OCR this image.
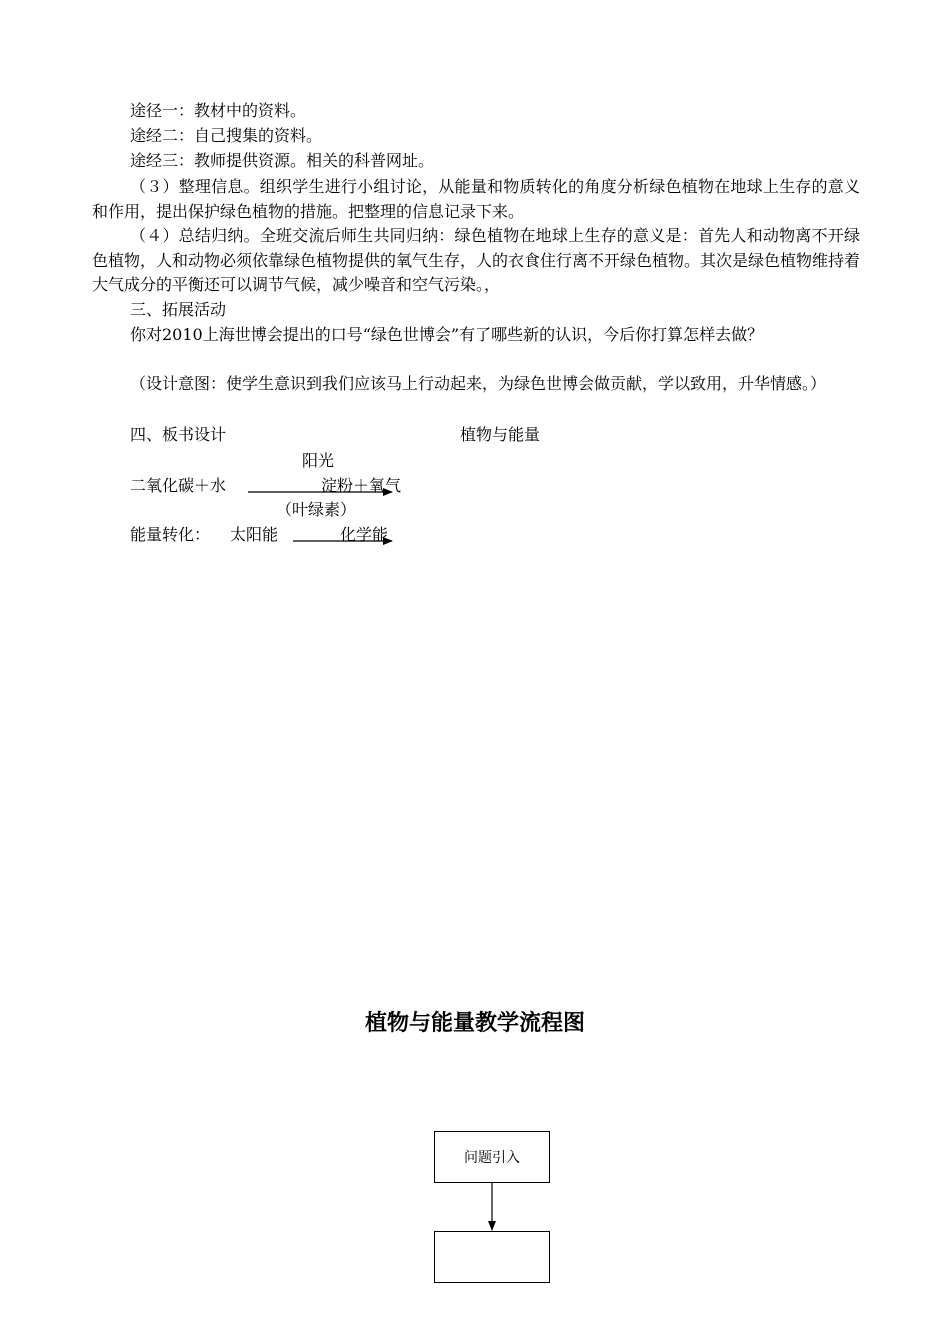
途径一：教材中的资料。

途经二：自己搜集的资料。

途经三：教师提供资源。相关的科普网址。

（３）整理信息。组织学生进行小组讨论，从能量和物质转化的角度分析绿色植物在地球上生存的意义和作用，提出保护绿色植物的措施。把整理的信息记录下来。

（４）总结归纳。全班交流后师生共同归纳：绿色植物在地球上生存的意义是：首先人和动物离不开绿色植物，人和动物必须依靠绿色植物提供的氧气生存，人的衣食住行离不开绿色植物。其次是绿色植物维持着大气成分的平衡还可以调节气候，减少噪音和空气污染。，

三、拓展活动

你对2010上海世博会提出的口号“绿色世博会”有了哪些新的认识，今后你打算怎样去做？

（设计意图：使学生意识到我们应该马上行动起来，为绿色世博会做贡献，学以致用，升华情感。）

四、板书设计	植物与能量

阳光

二氧化碳＋水	淀粉＋氧气

（叶绿素）

能量转化： 太阳能	化学能

植物与能量教学流程图
问题引入
